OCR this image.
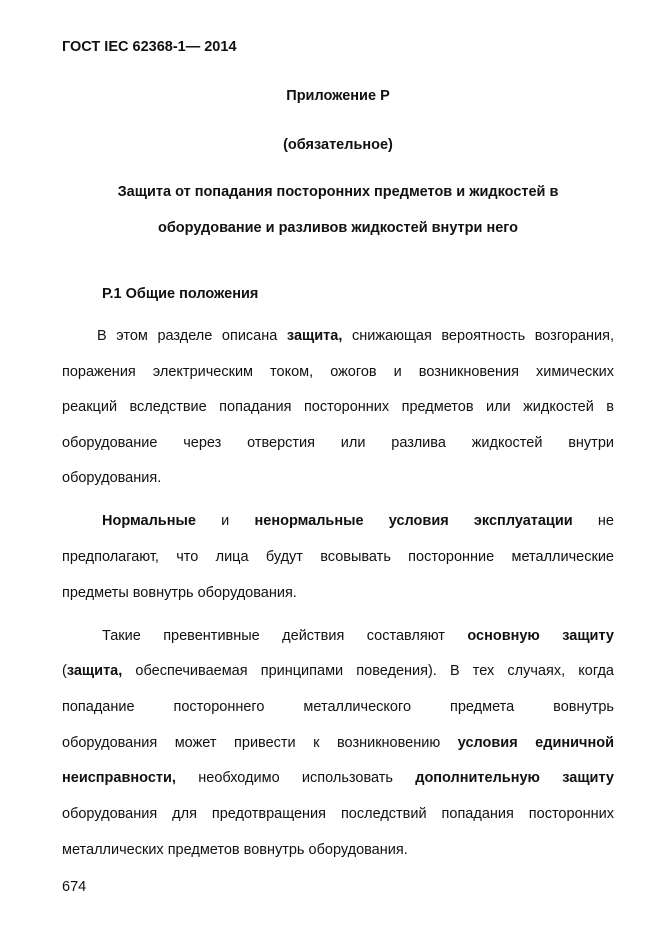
ГОСТ IEC 62368-1— 2014
Приложение Р
(обязательное)
Защита от попадания посторонних предметов и жидкостей в
оборудование и разливов жидкостей внутри него
Р.1 Общие положения
В этом разделе описана защита, снижающая вероятность возгорания,
поражения электрическим током, ожогов и возникновения химических
реакций вследствие попадания посторонних предметов или жидкостей в
оборудование через отверстия или разлива жидкостей внутри
оборудования.
Нормальные и ненормальные условия эксплуатации не
предполагают, что лица будут всовывать посторонние металлические
предметы вовнутрь оборудования.
Такие превентивные действия составляют основную защиту
(защита, обеспечиваемая принципами поведения). В тех случаях, когда
попадание постороннего металлического предмета вовнутрь
оборудования может привести к возникновению условия единичной
неисправности, необходимо использовать дополнительную защиту
оборудования для предотвращения последствий попадания посторонних
металлических предметов вовнутрь оборудования.
674
